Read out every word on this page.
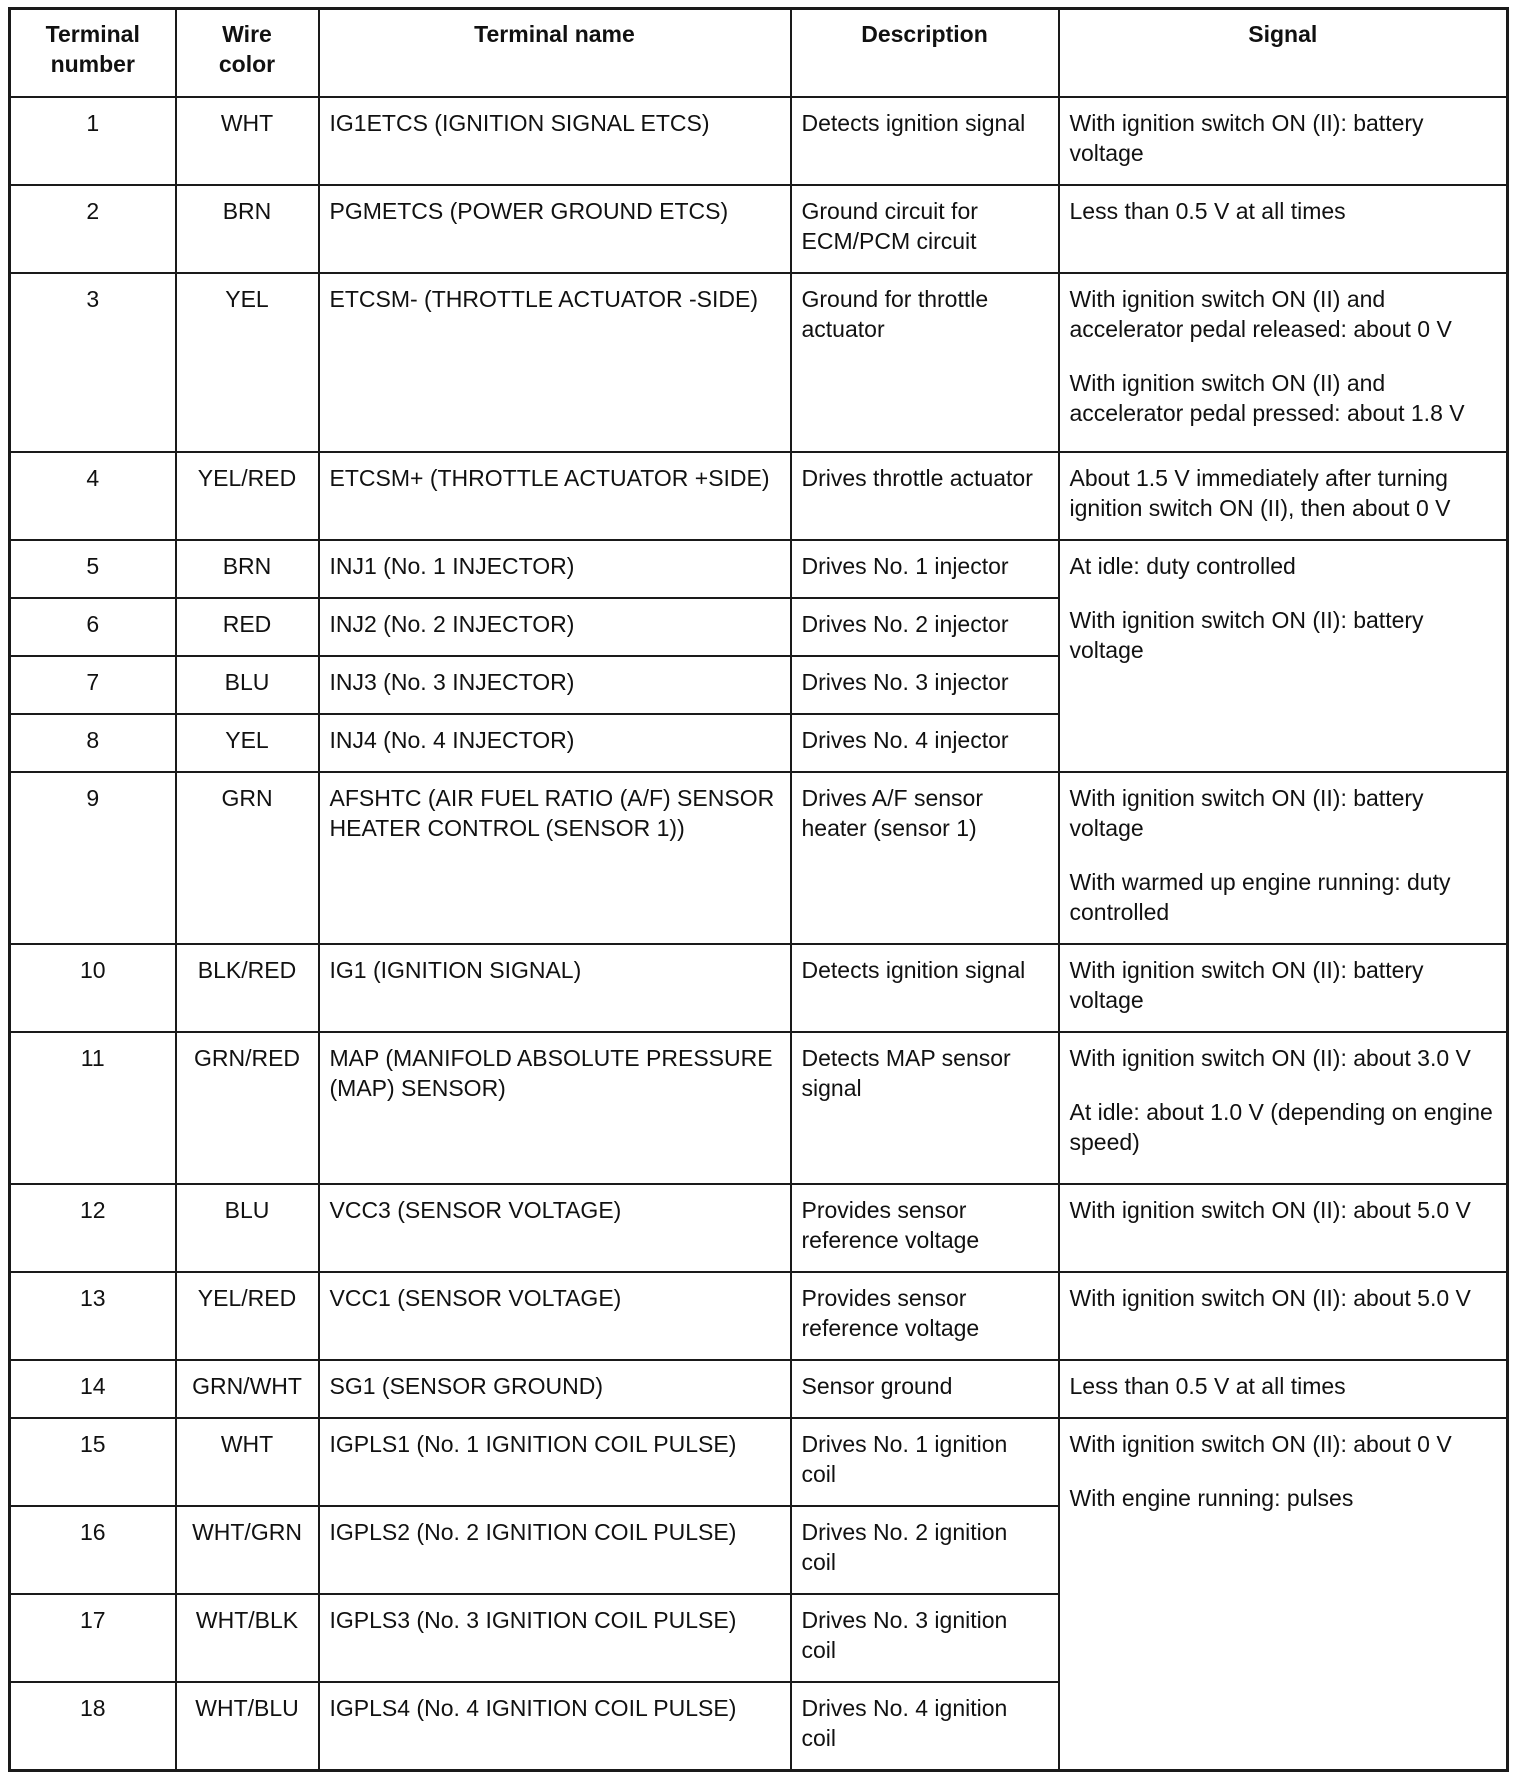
Terminal
number	Wire
color	Terminal name	Description	Signal
1	WHT	IG1ETCS (IGNITION SIGNAL ETCS)	Detects ignition signal	With ignition switch ON (II): battery voltage

2	BRN	PGMETCS (POWER GROUND ETCS)	Ground circuit for ECM/PCM circuit	Less than 0.5 V at all times

3	YEL	ETCSM- (THROTTLE ACTUATOR -SIDE)	Ground for throttle actuator	With ignition switch ON (II) and accelerator pedal released: about 0 V

With ignition switch ON (II) and accelerator pedal pressed: about 1.8 V

4	YEL/RED	ETCSM+ (THROTTLE ACTUATOR +SIDE)	Drives throttle actuator	About 1.5 V immediately after turning ignition switch ON (II), then about 0 V

5	BRN	INJ1 (No. 1 INJECTOR)	Drives No. 1 injector	At idle: duty controlled

With ignition switch ON (II): battery voltage

6	RED	INJ2 (No. 2 INJECTOR)	Drives No. 2 injector	
7	BLU	INJ3 (No. 3 INJECTOR)	Drives No. 3 injector	
8	YEL	INJ4 (No. 4 INJECTOR)	Drives No. 4 injector	
9	GRN	AFSHTC (AIR FUEL RATIO (A/F) SENSOR HEATER CONTROL (SENSOR 1))	Drives A/F sensor heater (sensor 1)	With ignition switch ON (II): battery voltage

With warmed up engine running: duty controlled

10	BLK/RED	IG1 (IGNITION SIGNAL)	Detects ignition signal	With ignition switch ON (II): battery voltage

11	GRN/RED	MAP (MANIFOLD ABSOLUTE PRESSURE (MAP) SENSOR)	Detects MAP sensor signal	With ignition switch ON (II): about 3.0 V

At idle: about 1.0 V (depending on engine speed)

12	BLU	VCC3 (SENSOR VOLTAGE)	Provides sensor reference voltage	With ignition switch ON (II): about 5.0 V

13	YEL/RED	VCC1 (SENSOR VOLTAGE)	Provides sensor reference voltage	With ignition switch ON (II): about 5.0 V

14	GRN/WHT	SG1 (SENSOR GROUND)	Sensor ground	Less than 0.5 V at all times

15	WHT	IGPLS1 (No. 1 IGNITION COIL PULSE)	Drives No. 1 ignition coil	With ignition switch ON (II): about 0 V

With engine running: pulses

16	WHT/GRN	IGPLS2 (No. 2 IGNITION COIL PULSE)	Drives No. 2 ignition coil	
17	WHT/BLK	IGPLS3 (No. 3 IGNITION COIL PULSE)	Drives No. 3 ignition coil	
18	WHT/BLU	IGPLS4 (No. 4 IGNITION COIL PULSE)	Drives No. 4 ignition coil	
